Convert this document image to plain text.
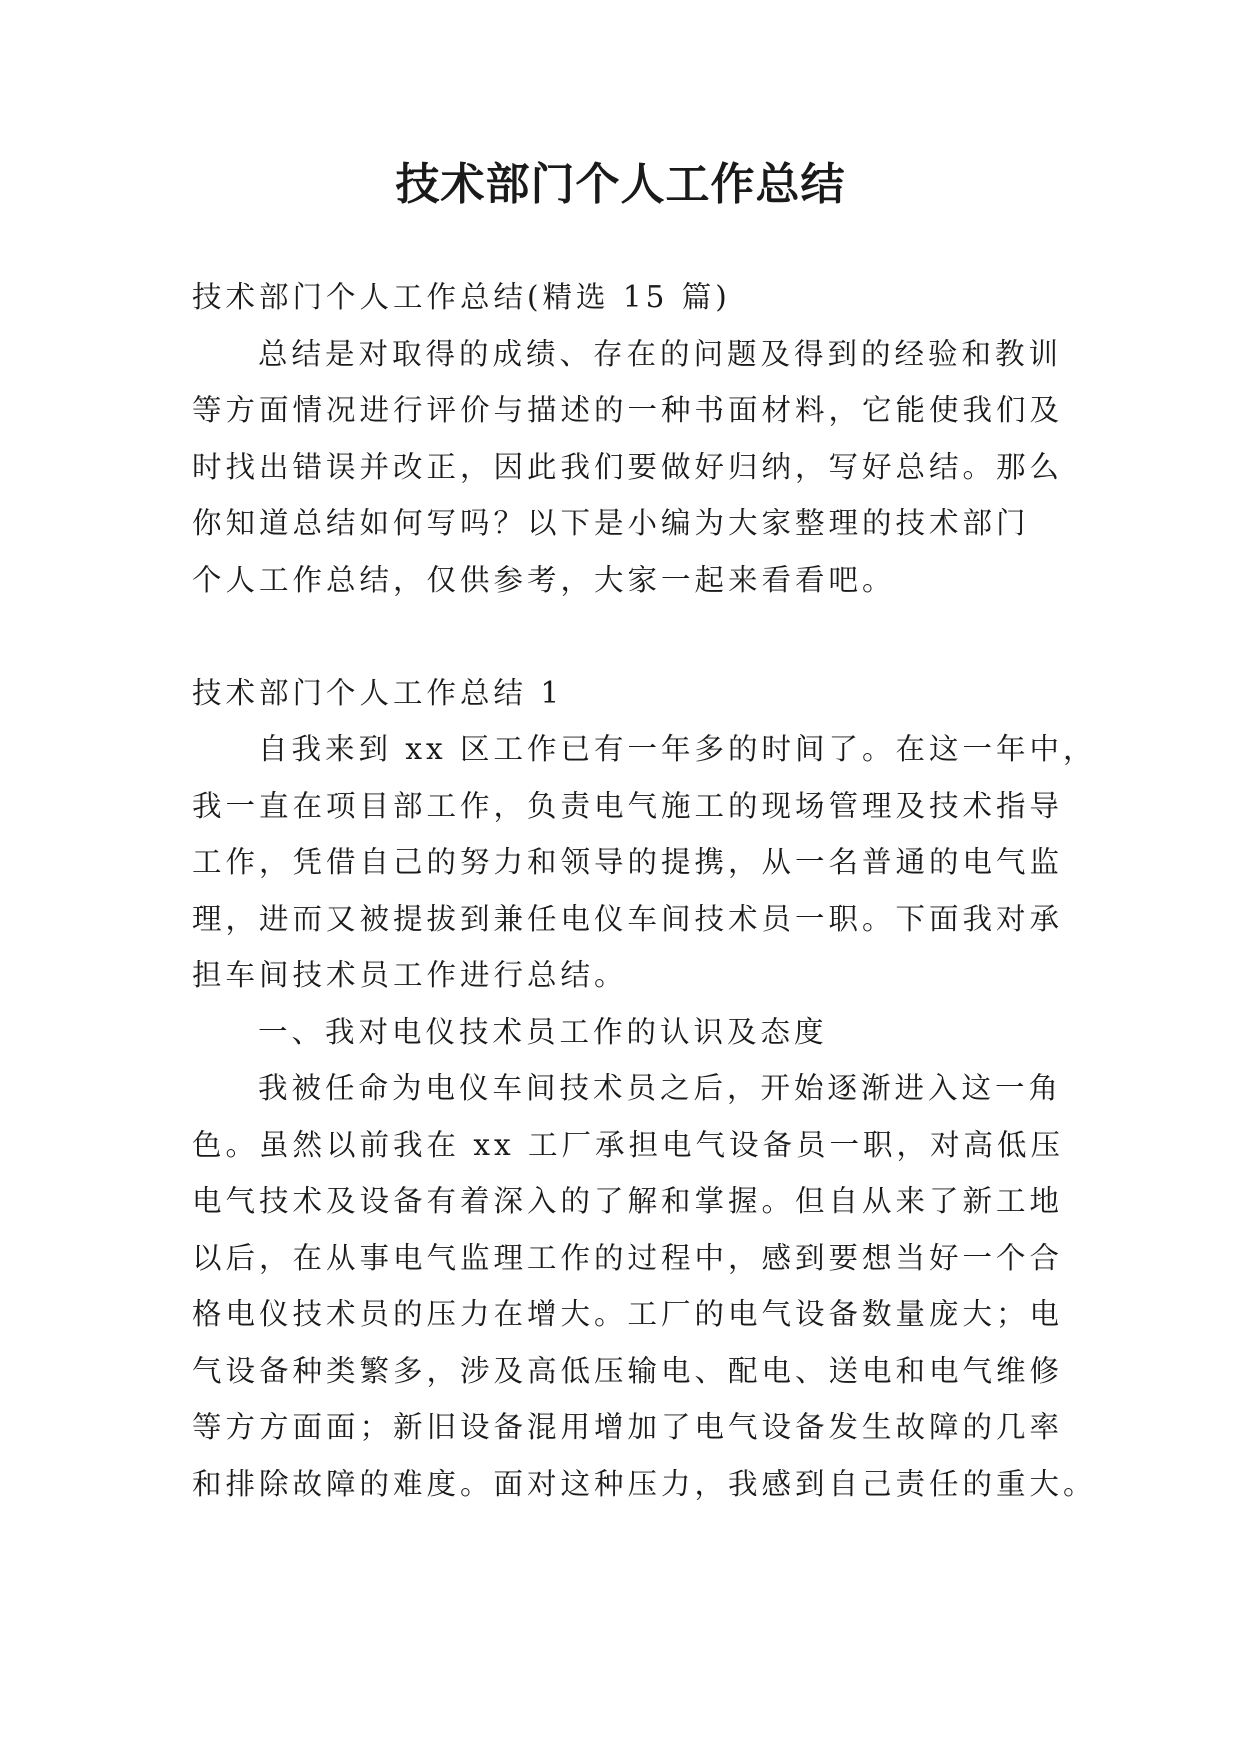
技术部门个人工作总结
技术部门个人工作总结(精选 15 篇)
总结是对取得的成绩、存在的问题及得到的经验和教训
等方面情况进行评价与描述的一种书面材料，它能使我们及
时找出错误并改正，因此我们要做好归纳，写好总结。那么
你知道总结如何写吗？以下是小编为大家整理的技术部门
个人工作总结，仅供参考，大家一起来看看吧。
技术部门个人工作总结 1
自我来到 xx 区工作已有一年多的时间了。在这一年中，
我一直在项目部工作，负责电气施工的现场管理及技术指导
工作，凭借自己的努力和领导的提携，从一名普通的电气监
理，进而又被提拔到兼任电仪车间技术员一职。下面我对承
担车间技术员工作进行总结。
一、我对电仪技术员工作的认识及态度
我被任命为电仪车间技术员之后，开始逐渐进入这一角
色。虽然以前我在 xx 工厂承担电气设备员一职，对高低压
电气技术及设备有着深入的了解和掌握。但自从来了新工地
以后，在从事电气监理工作的过程中，感到要想当好一个合
格电仪技术员的压力在增大。工厂的电气设备数量庞大；电
气设备种类繁多，涉及高低压输电、配电、送电和电气维修
等方方面面；新旧设备混用增加了电气设备发生故障的几率
和排除故障的难度。面对这种压力，我感到自己责任的重大。
